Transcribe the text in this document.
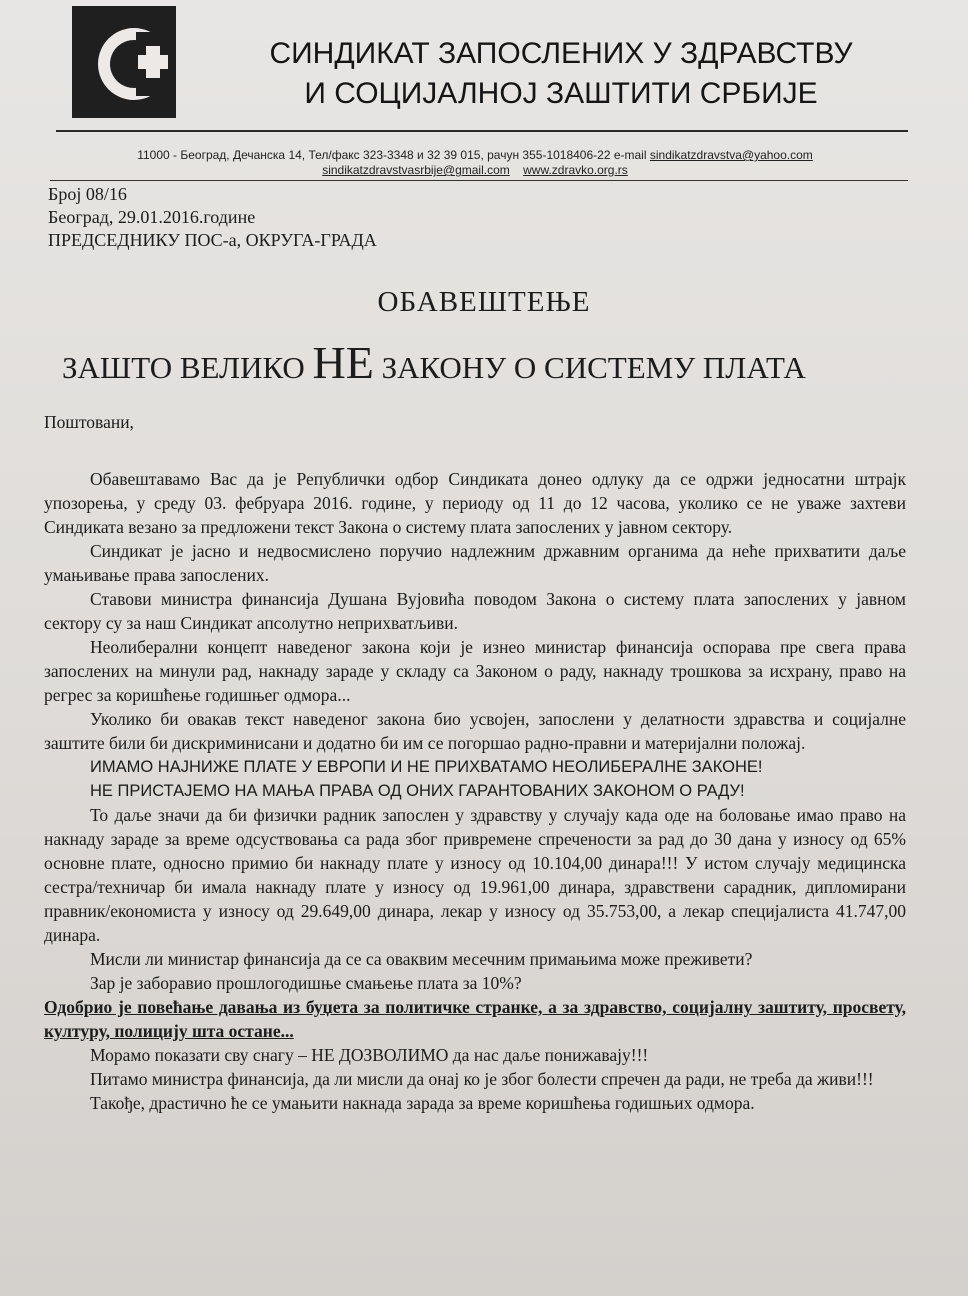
СИНДИКАТ ЗАПОСЛЕНИХ У ЗДРАВСТВУ
И СОЦИЈАЛНОЈ ЗАШТИТИ СРБИЈЕ
11000 - Београд, Дечанска 14, Тел/факс 323-3348 и 32 39 015, рачун 355-1018406-22 e-mail sindikatzdravstva@yahoo.com
sindikatzdravstvasrbije@gmail.com www.zdravko.org.rs
Број 08/16
Београд, 29.01.2016.године
ПРЕДСЕДНИКУ ПОС-а, ОКРУГА-ГРАДА
ОБАВЕШТЕЊЕ
ЗАШТО ВЕЛИКО НЕ ЗАКОНУ О СИСТЕМУ ПЛАТА

Поштовани,

Обавештавамо Вас да је Републички одбор Синдиката донео одлуку да се одржи једносатни штрајк упозорења, у среду 03. фебруара 2016. године, у периоду од 11 до 12 часова, уколико се не уваже захтеви Синдиката везано за предложени текст Закона о систему плата запослених у јавном сектору.

Синдикат је јасно и недвосмислено поручио надлежним државним органима да неће прихватити даље умањивање права запослених.

Ставови министра финансија Душана Вујовића поводом Закона о систему плата запослених у јавном сектору су за наш Синдикат апсолутно неприхватљиви.

Неолиберални концепт наведеног закона који је изнео министар финансија оспорава пре свега права запослених на минули рад, накнаду зараде у складу са Законом о раду, накнаду трошкова за исхрану, право на регрес за коришћење годишњег одмора...

Уколико би овакав текст наведеног закона био усвојен, запослени у делатности здравства и социјалне заштите били би дискриминисани и додатно би им се погоршао радно-правни и материјални положај.

ИМАМО НАЈНИЖЕ ПЛАТЕ У ЕВРОПИ И НЕ ПРИХВАТАМО НЕОЛИБЕРАЛНЕ ЗАКОНЕ!

НЕ ПРИСТАЈЕМО НА МАЊА ПРАВА ОД ОНИХ ГАРАНТОВАНИХ ЗАКОНОМ О РАДУ!

То даље значи да би физички радник запослен у здравству у случају када оде на боловање имао право на накнаду зараде за време одсуствовања са рада због привремене спречености за рад до 30 дана у износу од 65% основне плате, односно примио би накнаду плате у износу од 10.104,00 динара!!! У истом случају медицинска сестра/техничар би имала накнаду плате у износу од 19.961,00 динара, здравствени сарадник, дипломирани правник/економиста у износу од 29.649,00 динара, лекар у износу од 35.753,00, а лекар специјалиста 41.747,00 динара.

Мисли ли министар финансија да се са оваквим месечним примањима може преживети?

Зар је заборавио прошлогодишње смањење плата за 10%?

Одобрио је повећање давања из буџета за политичке странке, а за здравство, социјалну заштиту, просвету, културу, полицију шта остане...

Морамо показати сву снагу – НЕ ДОЗВОЛИМО да нас даље понижавају!!!

Питамо министра финансија, да ли мисли да онај ко је због болести спречен да ради, не треба да живи!!!

Такође, драстично ће се умањити накнада зарада за време коришћења годишњих одмора.
